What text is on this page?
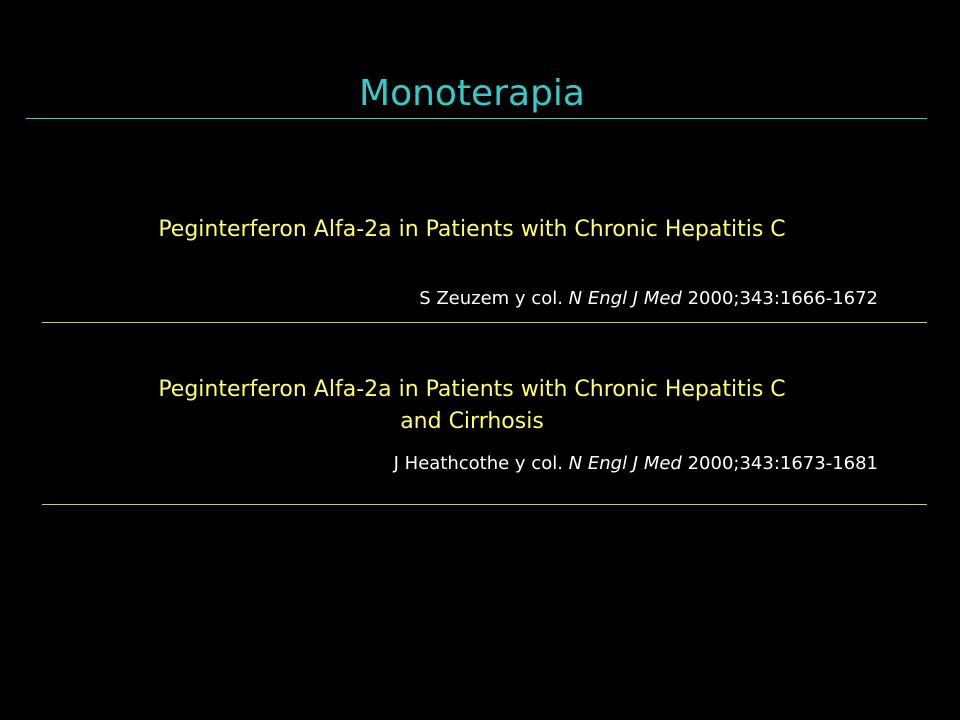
Monoterapia
Peginterferon Alfa-2a in Patients with Chronic Hepatitis C
S Zeuzem y col. N Engl J Med 2000;343:1666-1672
Peginterferon Alfa-2a in Patients with Chronic Hepatitis C
and Cirrhosis
J Heathcothe y col. N Engl J Med 2000;343:1673-1681
